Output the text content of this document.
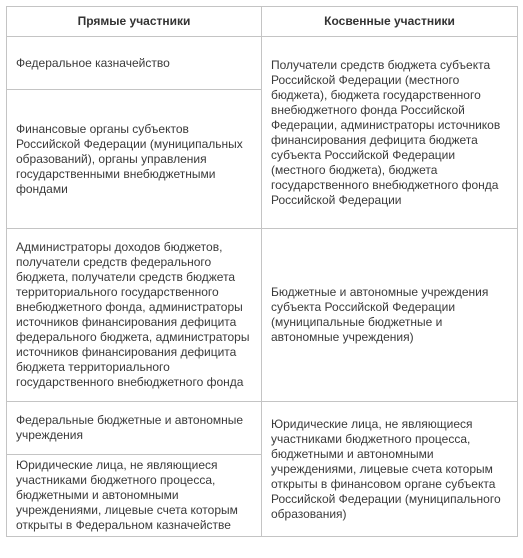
Прямые участники	Косвенные участники
Федеральное казначейство	Получатели средств бюджета субъекта Российской Федерации (местного бюджета), бюджета государственного внебюджетного фонда Российской Федерации, администраторы источников финансирования дефицита бюджета субъекта Российской Федерации (местного бюджета), бюджета государственного внебюджетного фонда Российской Федерации
Финансовые органы субъектов Российской Федерации (муниципальных образований), органы управления государственными внебюджетными фондами	
Администраторы доходов бюджетов, получатели средств федерального бюджета, получатели средств бюджета территориального государственного внебюджетного фонда, администраторы источников финансирования дефицита федерального бюджета, администраторы источников финансирования дефицита бюджета территориального государственного внебюджетного фонда	Бюджетные и автономные учреждения субъекта Российской Федерации (муниципальные бюджетные и автономные учреждения)
Федеральные бюджетные и автономные учреждения	Юридические лица, не являющиеся участниками бюджетного процесса, бюджетными и автономными учреждениями, лицевые счета которым открыты в финансовом органе субъекта Российской Федерации (муниципального образования)
Юридические лица, не являющиеся участниками бюджетного процесса, бюджетными и автономными учреждениями, лицевые счета которым открыты в Федеральном казначействе	
